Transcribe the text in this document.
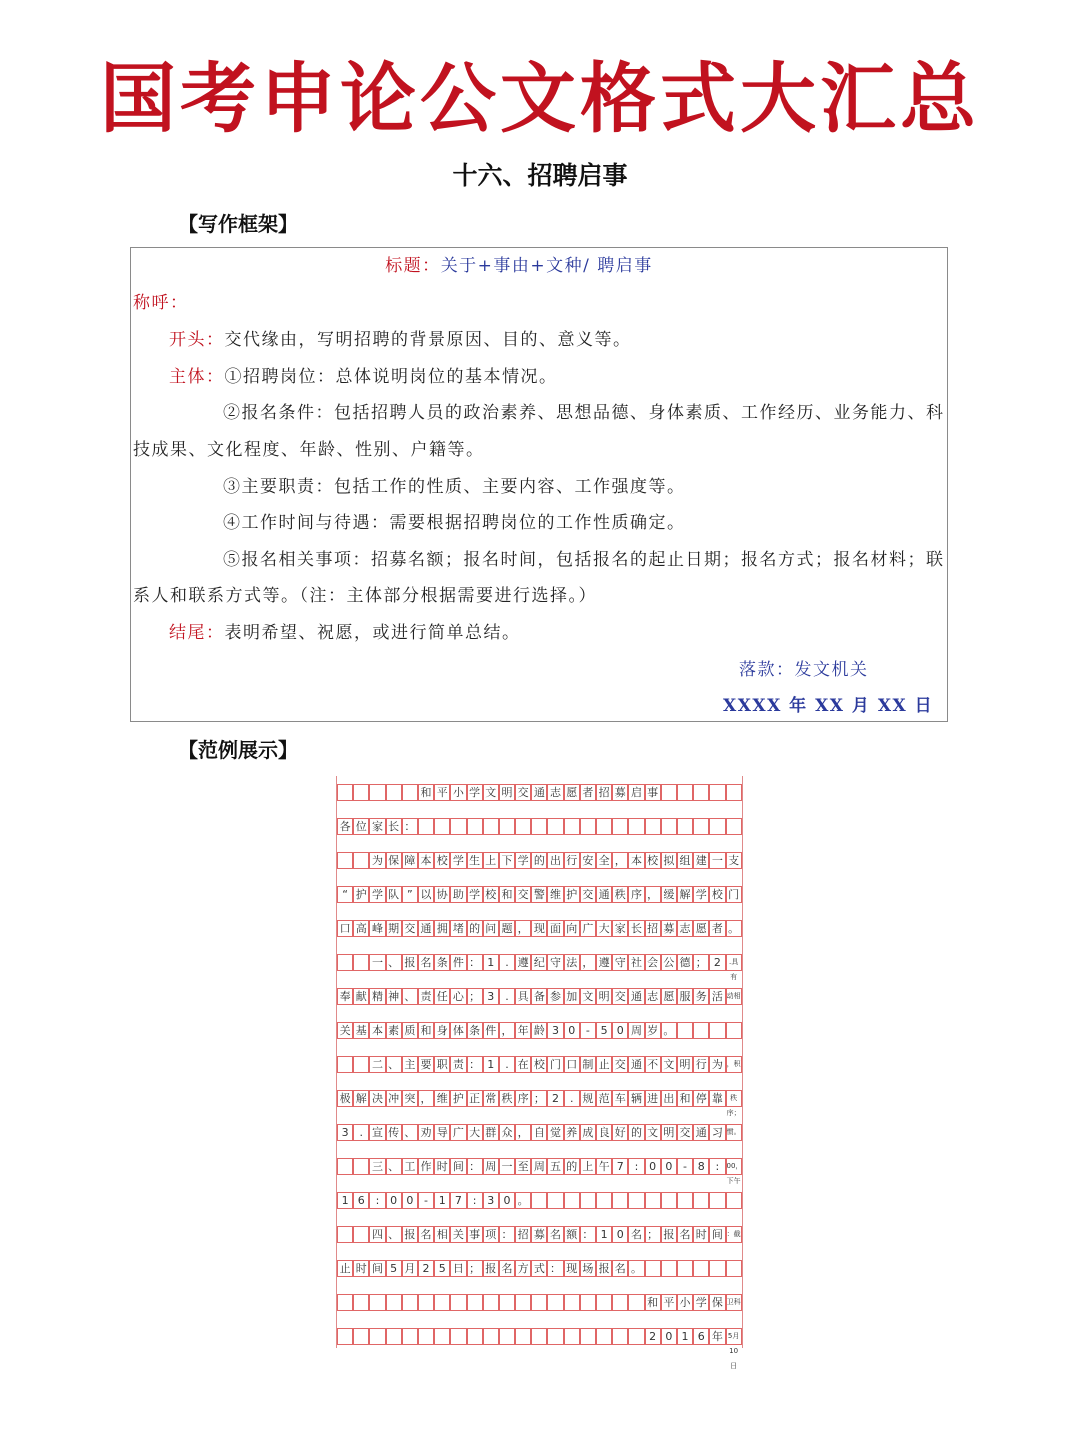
国考申论公文格式大汇总
十六、招聘启事
【写作框架】
标题：关于+事由+文种/ 聘启事
称呼：
开头：交代缘由，写明招聘的背景原因、目的、意义等。
主体：①招聘岗位：总体说明岗位的基本情况。
②报名条件：包括招聘人员的政治素养、思想品德、身体素质、工作经历、业务能力、科
技成果、文化程度、年龄、性别、户籍等。
③主要职责：包括工作的性质、主要内容、工作强度等。
④工作时间与待遇：需要根据招聘岗位的工作性质确定。
⑤报名相关事项：招募名额；报名时间，包括报名的起止日期；报名方式；报名材料；联
系人和联系方式等。（注：主体部分根据需要进行选择。）
结尾：表明希望、祝愿，或进行简单总结。
落款：发文机关
XXXX 年 XX 月 XX 日
【范例展示】
和 平 小 学 文 明 交 通 志 愿 者 招 募 启 事
各 位 家 长 ：
为 保 障 本 校 学 生 上 下 学 的 出 行 安 全 ， 本 校 拟 组 建 一 支
“ 护 学 队 ” 以 协 助 学 校 和 交 警 维 护 交 通 秩 序 ， 缓 解 学 校 门
口 高 峰 期 交 通 拥 堵 的 问 题 ， 现 面 向 广 大 家 长 招 募 志 愿 者 。
一 、 报 名 条 件 ： 1 . 遵 纪 守 法 ， 遵 守 社 会 公 德 ； 2	.具有
奉 献 精 神 、 责 任 心 ； 3 . 具 备 参 加 文 明 交 通 志 愿 服 务 活 动相
关 基 本 素 质 和 身 体 条 件 ， 年 龄 3 0 - 5 0 周 岁 。
二 、 主 要 职 责 ： 1 . 在 校 门 口 制 止 交 通 不 文 明 行 为 ，积
极 解 决 冲 突 ， 维 护 正 常 秩 序 ； 2 . 规 范 车 辆 进 出 和 停 靠	秩序；
3 . 宣 传 、 劝 导 广 大 群 众 ， 自 觉 养 成 良 好 的 文 明 交 通 习 惯。
三 、 工 作 时 间 ： 周 一 至 周 五 的 上 午 7 : 0 0 - 8 :	00，下午
1 6 : 0 0 - 1 7 : 3 0 。
四 、 报 名 相 关 事 项 ： 招 募 名 额 ： 1 0 名 ； 报 名 时 间 ：截
止 时 间 5 月 2 5 日 ； 报 名 方 式 ： 现 场 报 名 。
和 平 小 学 保 卫科
2 0 1 6 年 5月10日
